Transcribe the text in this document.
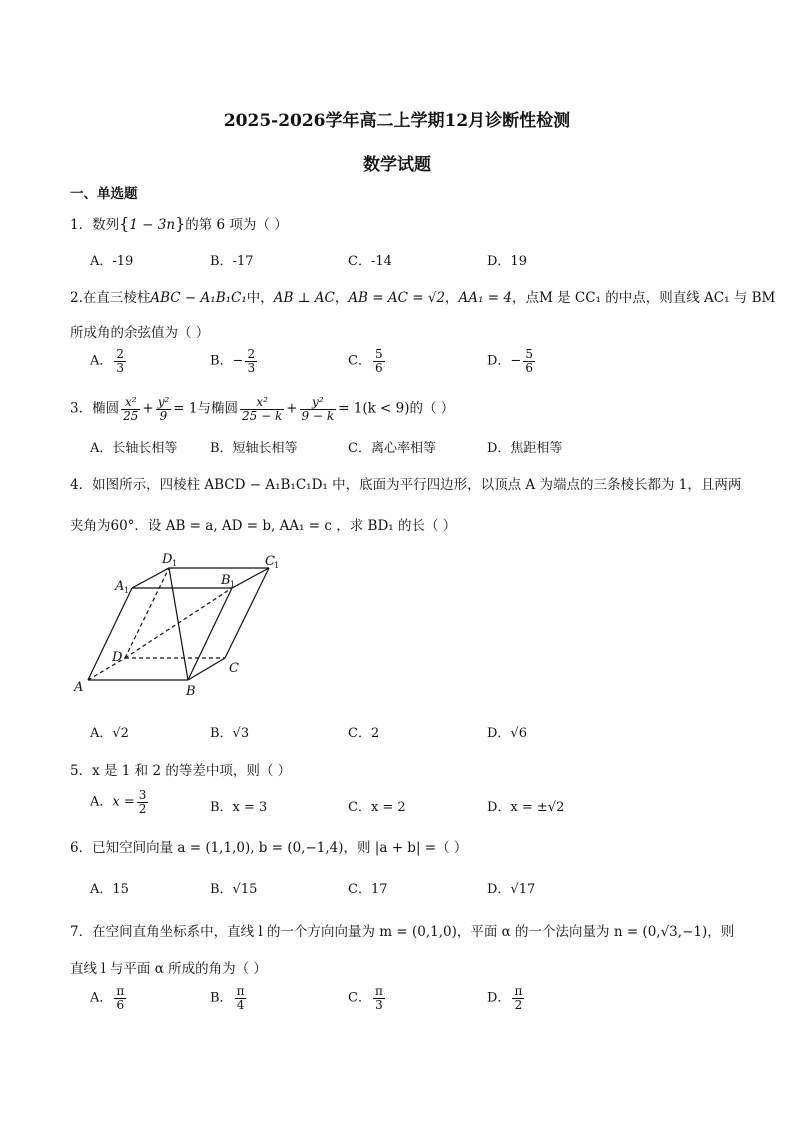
2025-2026学年高二上学期12月诊断性检测
数学试题
一、单选题
1．数列{1 − 3n}的第 6 项为（ ）
A．-19	B．-17	C．-14	D．19
2.在直三棱柱ABC − A₁B₁C₁中，AB ⊥ AC，AB = AC = √2，AA₁ = 4，点M 是 CC₁ 的中点，则直线 AC₁ 与 BM
所成角的余弦值为（ ）
A． $\frac{2}{3}$	B．− $\frac{2}{3}$	C． $\frac{5}{6}$	D．− $\frac{5}{6}$
3．椭圆 $\frac{\text{x²}}{25} + \frac{\text{y²}}{9} = 1$与椭圆 $\frac{\text{x²}}{25 - k} + \frac{\text{y²}}{9 - k} = 1(k < 9)$的（ ）
A．长轴长相等	B．短轴长相等	C．离心率相等	D．焦距相等
4．如图所示，四棱柱 ABCD − A₁B₁C₁D₁ 中，底面为平行四边形，以顶点 A 为端点的三条棱长都为 1，且两两
夹角为60°．设 AB = a, AD = b, AA₁ = c ，求 BD₁ 的长（ ）
A	B
C
D
A 1
B 1
C 1
D 1
A．√2	B．√3	C．2	D．√6
5．x 是 1 和 2 的等差中项，则（ ）
A．$x = \frac{3}{2}$	B．x = 3	C．x = 2	D．x = ±√2
6．已知空间向量 a = (1,1,0), b = (0,−1,4)，则 |a + b| =（ ）
A．15	B．√15	C．17	D．√17
7．在空间直角坐标系中，直线 l 的一个方向向量为 m = (0,1,0)，平面 α 的一个法向量为 n = (0,√3,−1)，则
直线 l 与平面 α 所成的角为（ ）
A． $\frac{\pi}{6}$	B． $\frac{\pi}{4}$	C． $\frac{\pi}{3}$	D． $\frac{\pi}{2}$
